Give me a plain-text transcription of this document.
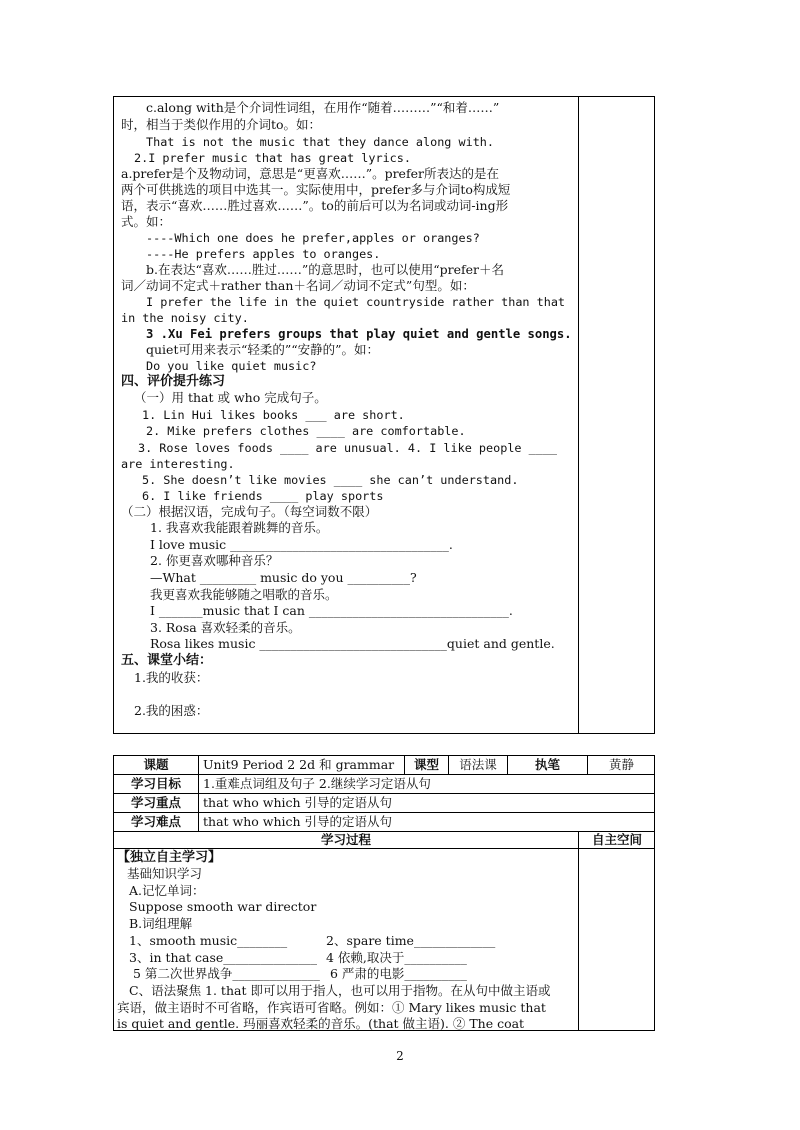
c.along with是个介词性词组，在用作“随着………”“和着……”
时，相当于类似作用的介词to。如：
That is not the music that they dance along with.
2.I prefer music that has great lyrics.
a.prefer是个及物动词，意思是“更喜欢……”。prefer所表达的是在
两个可供挑选的项目中选其一。实际使用中，prefer多与介词to构成短
语，表示“喜欢……胜过喜欢……”。to的前后可以为名词或动词-ing形
式。如：
----Which one does he prefer,apples or oranges?
----He prefers apples to oranges.
b.在表达“喜欢……胜过……”的意思时，也可以使用“prefer＋名
词／动词不定式＋rather than＋名词／动词不定式”句型。如：
I prefer the life in the quiet countryside rather than that
in the noisy city.
3 .Xu Fei prefers groups that play quiet and gentle songs.
quiet可用来表示“轻柔的”“安静的”。如：
Do you like quiet music?
四、评价提升练习
（一）用 that 或 who 完成句子。
1. Lin Hui likes books ___ are short.
2. Mike prefers clothes ____ are comfortable.
3. Rose loves foods ____ are unusual. 4. I like people ____
are interesting.
5. She doesn’t like movies ____ she can’t understand.
6. I like friends ____ play sports
（二）根据汉语，完成句子。（每空词数不限）
1. 我喜欢我能跟着跳舞的音乐。
I love music ___________________________________.
2. 你更喜欢哪种音乐？
—What _________ music do you __________?
我更喜欢我能够随之唱歌的音乐。
I _______music that I can ________________________________.
3. Rosa 喜欢轻柔的音乐。
Rosa likes music ______________________________quiet and gentle.
五、课堂小结：
1.我的收获：
2.我的困惑：
课题	Unit9 Period 2 2d 和 grammar	课型	语法课	执笔	黄静
学习目标	1.重难点词组及句子 2.继续学习定语从句
学习重点	that who which 引导的定语从句
学习难点	that who which 引导的定语从句
学习过程	自主空间
【独立自主学习】
基础知识学习
A.记忆单词：
Suppose smooth war director
B.词组理解
1、smooth music________	2、spare time_____________
3、in that case_______________ 4 依赖,取决于__________
5 第二次世界战争______________ 6 严肃的电影__________
C、语法聚焦 1. that 即可以用于指人，也可以用于指物。在从句中做主语或
宾语，做主语时不可省略，作宾语可省略。例如：① Mary likes music that
is quiet and gentle. 玛丽喜欢轻柔的音乐。(that 做主语). ② The coat
2
